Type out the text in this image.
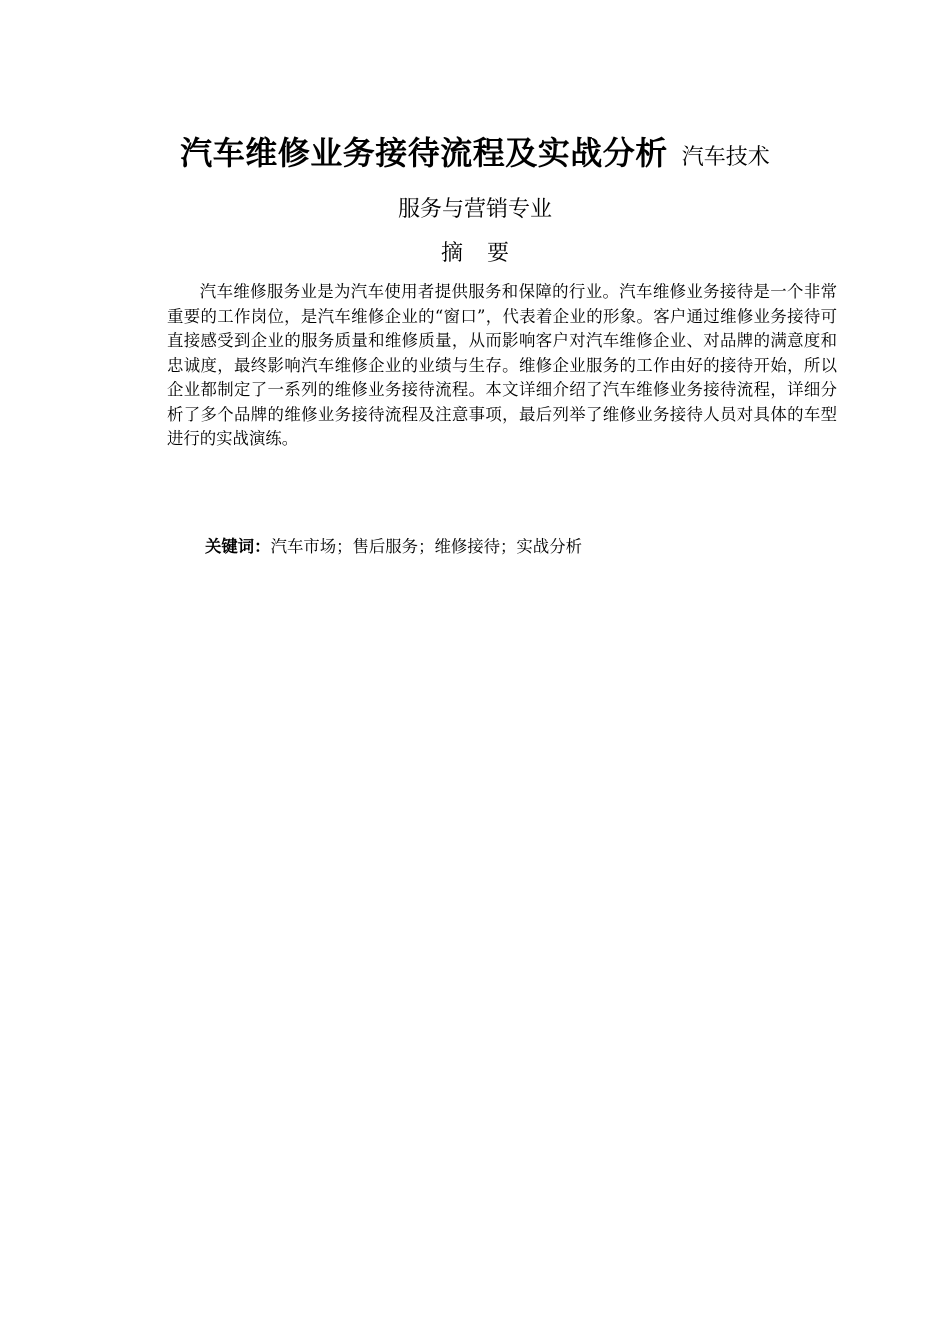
汽车维修业务接待流程及实战分析 汽车技术
服务与营销专业
摘要

汽车维修服务业是为汽车使用者提供服务和保障的行业。汽车维修业务接待是一个非常重要的工作岗位，是汽车维修企业的“窗口”，代表着企业的形象。客户通过维修业务接待可直接感受到企业的服务质量和维修质量，从而影响客户对汽车维修企业、对品牌的满意度和忠诚度，最终影响汽车维修企业的业绩与生存。维修企业服务的工作由好的接待开始，所以企业都制定了一系列的维修业务接待流程。本文详细介绍了汽车维修业务接待流程，详细分析了多个品牌的维修业务接待流程及注意事项，最后列举了维修业务接待人员对具体的车型进行的实战演练。

关键词：汽车市场；售后服务；维修接待；实战分析
